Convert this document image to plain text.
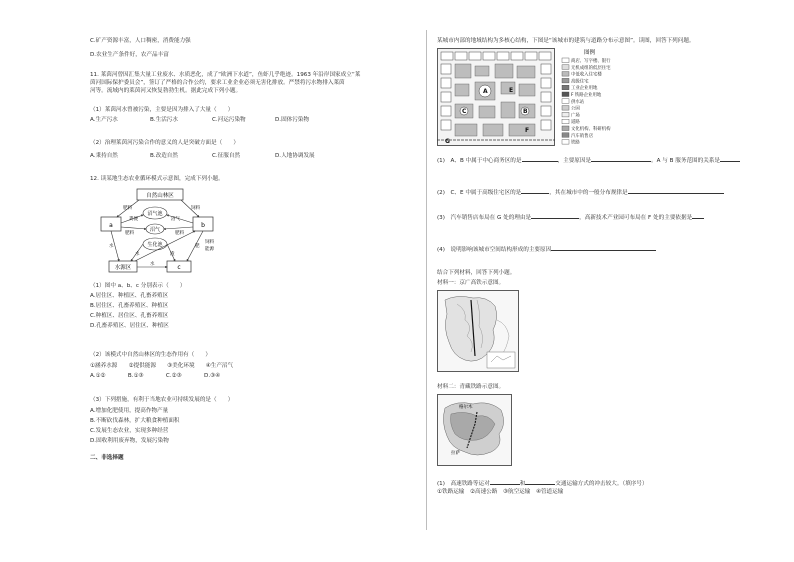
C.矿产资源丰富，人口稠密，消费能力强
D.农业生产条件好，农产品丰富
11. 莱茵河曾因汇集大量工业废水、水质恶化，成了“欧洲下水道”，鱼虾几乎绝迹。1963 年沿岸国家成立“莱
茵河国际保护委员会”，签订了严格的合作公约，要求工业企业必须无害化排放。严禁将污水物排入莱茵
河等。流域内的莱茵河又恢复勃勃生机。据此完成下列小题。
（1）莱茵河水曾被污染，主要是因为排入了大量（　　）
A.生产污水	B.生活污水	C.河运污染物	D.固体污染物
（2）治理莱茵河污染合作的意义的人是突破方面是（　　）
A.秉持自然	B.改造自然	C.征服自然	D.人地协调发展
12. 读某地生态农业循环模式示意图，完成下列小题。
自然山林区
a	b
水源区	c
沼气池
沼气
生化池
肥料
粪便
饲料
沼气
肥料
水
水	渣
水
饲料
能源
肥料
肥
（1）图中 a、b、c 分别表示（　　）
A.居住区、种植区、孔畜养殖区
B.居住区、孔畜养殖区、种植区
C.种植区、居住区、孔畜养殖区
D.孔畜养殖区、居住区、种植区
（2）该模式中自然山林区的生态作用有（　　）
①涵养水源　　②提供能源　　③美化环境　　④生产沼气
A.①②　　　　B.①③　　　　C.②③　　　　D.③④
（3）下列措施，有利于当地农业可持续发展的是（　　）
A.增加化肥使用，提高作物产量
B.不断砍伐森林，扩大粮食种植面积
C.发展生态农业，实现多种经营
D.固收利用废弃物，发展污染物
二、非选择题
某城市内部的地域结构为多核心结构，下图是“该城市的建筑与道路分布示意图”。读图，回答下列问题。
A
B
C
E
F
G
图例
商店、写字楼、银行
无机成组的低层住宅
中低收入住宅楼
高级住宅
工业企业用地
F 铁路企业用地
供水站
公园
广场
道路
文化机构、科研机构
汽车销售店
铁路
(1)　A、B 中属于中心商务区的是	，主要原因是	。A 与 B 服务范围的关系是
(2)　C、E 中属于高级住宅区的是	，其在城市中的一般分布规律是
(3)　汽车销售店布局在 G 处的理由是	，高新技术产业园可布局在 F 处的主要依据是
(4)　说明影响该城市空间结构形成的主要原因
结合下列材料，回答下列小题。
材料一：京广高铁示意图。
材料二：青藏铁路示意图。
格尔木
拉萨
(1)　高速铁路等运对	和	交通运输方式的冲击较大。（填序号）
①铁路运输　②高速公路　③航空运输　④管道运输
